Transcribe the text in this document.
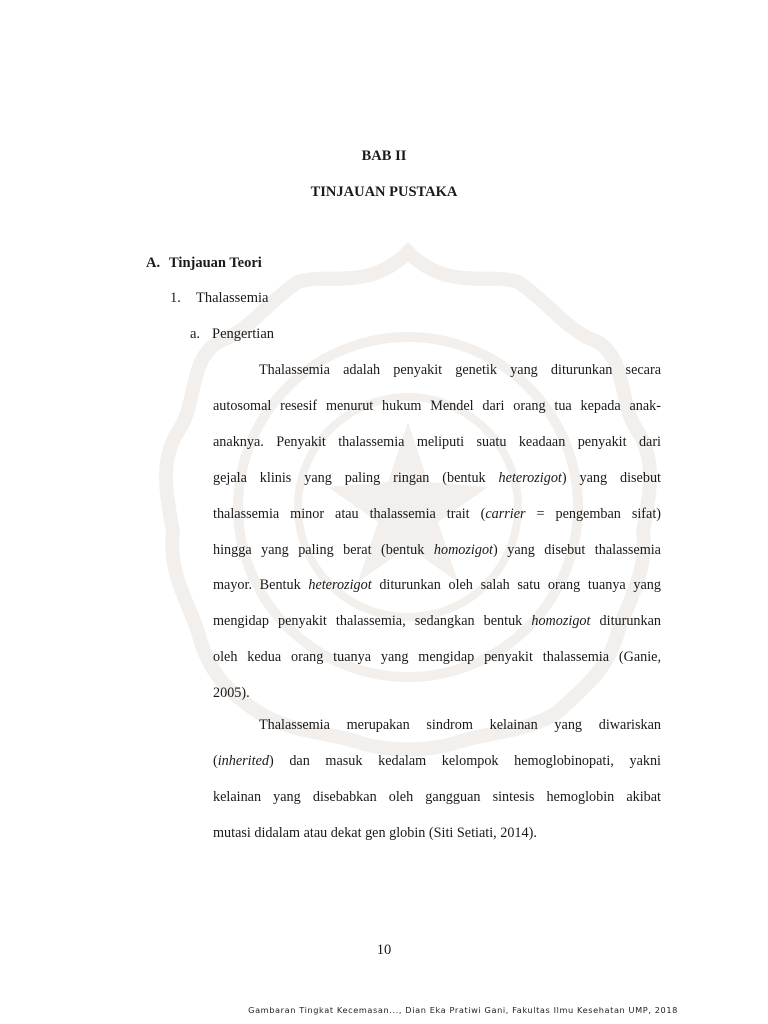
BAB II
TINJAUAN PUSTAKA
A. Tinjauan Teori
1. Thalassemia
a. Pengertian
Thalassemia adalah penyakit genetik yang diturunkan secara
autosomal resesif menurut hukum Mendel dari orang tua kepada anak-
anaknya. Penyakit thalassemia meliputi suatu keadaan penyakit dari
gejala klinis yang paling ringan (bentuk heterozigot) yang disebut
thalassemia minor atau thalassemia trait (carrier = pengemban sifat)
hingga yang paling berat (bentuk homozigot) yang disebut thalassemia
mayor. Bentuk heterozigot diturunkan oleh salah satu orang tuanya yang
mengidap penyakit thalassemia, sedangkan bentuk homozigot diturunkan
oleh kedua orang tuanya yang mengidap penyakit thalassemia (Ganie,
2005).
Thalassemia merupakan sindrom kelainan yang diwariskan
(inherited) dan masuk kedalam kelompok hemoglobinopati, yakni
kelainan yang disebabkan oleh gangguan sintesis hemoglobin akibat
mutasi didalam atau dekat gen globin (Siti Setiati, 2014).
10
Gambaran Tingkat Kecemasan..., Dian Eka Pratiwi Gani, Fakultas Ilmu Kesehatan UMP, 2018
